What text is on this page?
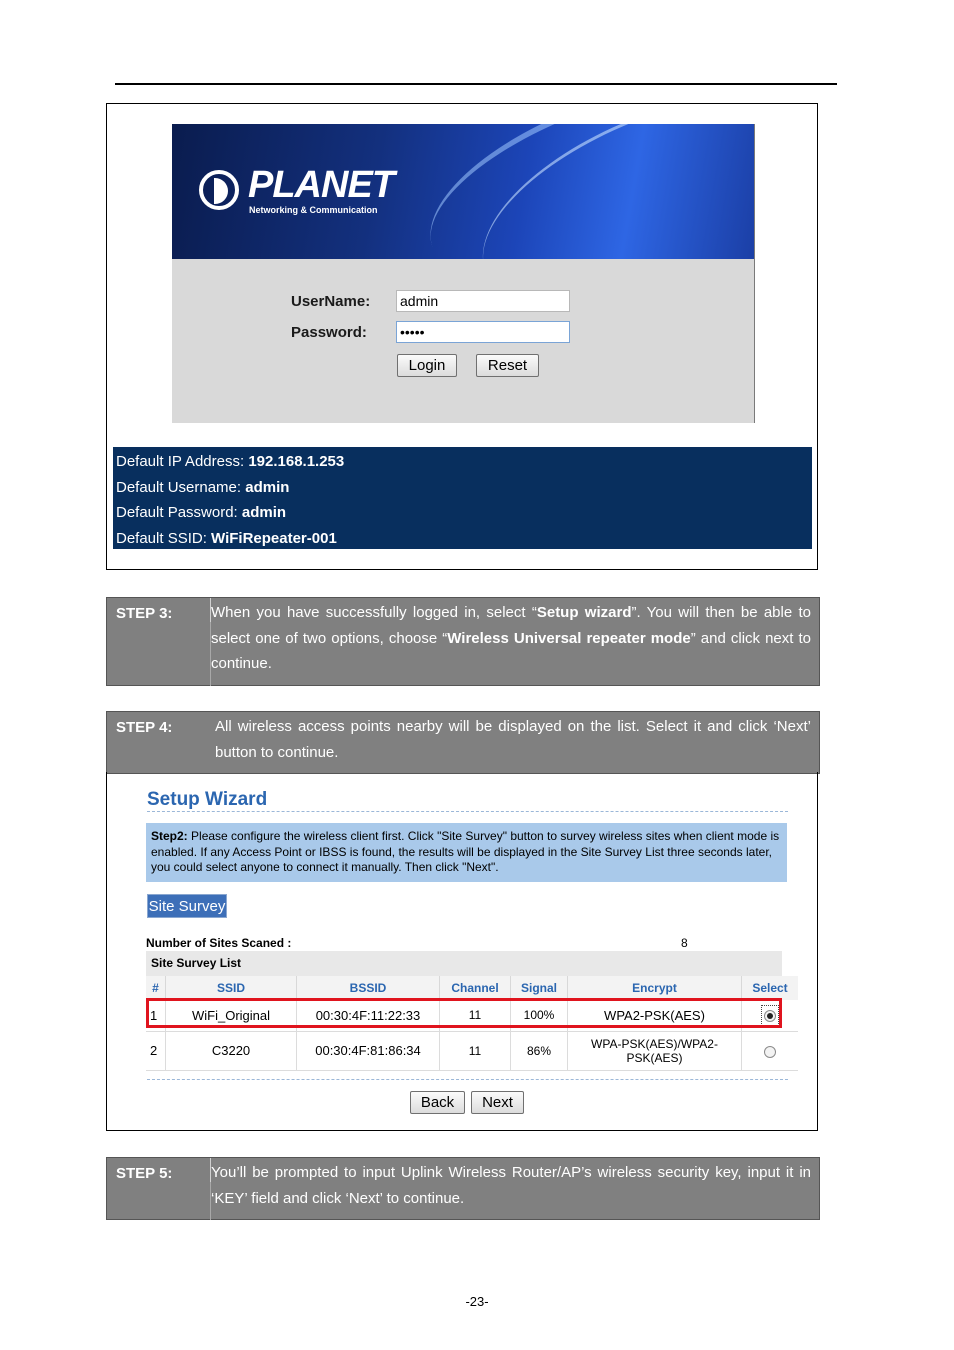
PLANET
Networking & Communication
UserName: admin
Password: •••••
Login	Reset
Default IP Address: 192.168.1.253
Default Username: admin
Default Password: admin
Default SSID: WiFiRepeater-001
STEP 3:	When you have successfully logged in, select “Setup wizard”. You will then be able to select one of two options, choose “Wireless Universal repeater mode” and click next to continue.
STEP 4:	All wireless access points nearby will be displayed on the list. Select it and click ‘Next’ button to continue.
Setup Wizard
Step2: Please configure the wireless client first. Click "Site Survey" button to survey wireless sites when client mode is enabled. If any Access Point or IBSS is found, the results will be displayed in the Site Survey List three seconds later, you could select anyone to connect it manually. Then click "Next".
Site Survey
Number of Sites Scaned :	8
Site Survey List
#	SSID	BSSID	Channel	Signal	Encrypt	Select
1	WiFi_Original	00:30:4F:11:22:33	11	100%	WPA2-PSK(AES)	
2	C3220	00:30:4F:81:86:34	11	86%	WPA-PSK(AES)/WPA2-PSK(AES)	
Back	Next
STEP 5:	You’ll be prompted to input Uplink Wireless Router/AP’s wireless security key, input it in ‘KEY’ field and click ‘Next’ to continue.
-23-
